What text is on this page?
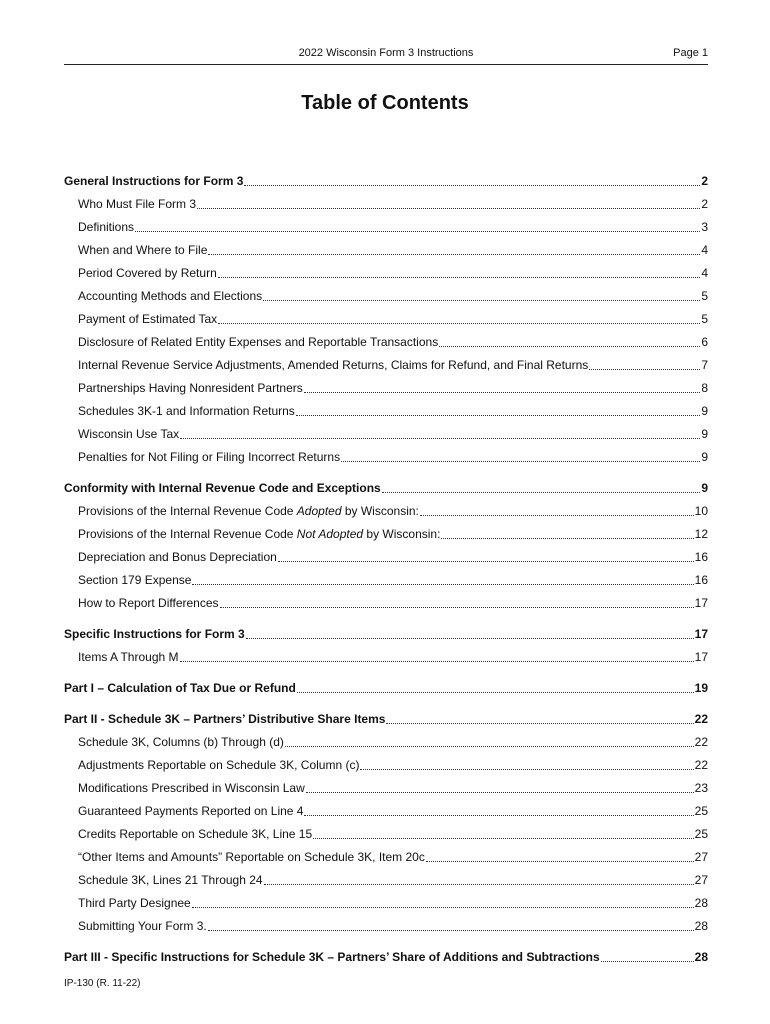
2022 Wisconsin Form 3 Instructions	Page 1
Table of Contents
General Instructions for Form 3	2
Who Must File Form 3	2
Definitions	3
When and Where to File	4
Period Covered by Return	4
Accounting Methods and Elections	5
Payment of Estimated Tax	5
Disclosure of Related Entity Expenses and Reportable Transactions	6
Internal Revenue Service Adjustments, Amended Returns, Claims for Refund, and Final Returns	7
Partnerships Having Nonresident Partners	8
Schedules 3K-1 and Information Returns	9
Wisconsin Use Tax	9
Penalties for Not Filing or Filing Incorrect Returns	9
Conformity with Internal Revenue Code and Exceptions	9
Provisions of the Internal Revenue Code Adopted by Wisconsin:	10
Provisions of the Internal Revenue Code Not Adopted by Wisconsin:	12
Depreciation and Bonus Depreciation	16
Section 179 Expense	16
How to Report Differences	17
Specific Instructions for Form 3	17
Items A Through M	17
Part I – Calculation of Tax Due or Refund	19
Part II - Schedule 3K – Partners’ Distributive Share Items	22
Schedule 3K, Columns (b) Through (d)	22
Adjustments Reportable on Schedule 3K, Column (c)	22
Modifications Prescribed in Wisconsin Law	23
Guaranteed Payments Reported on Line 4	25
Credits Reportable on Schedule 3K, Line 15	25
“Other Items and Amounts” Reportable on Schedule 3K, Item 20c	27
Schedule 3K, Lines 21 Through 24	27
Third Party Designee	28
Submitting Your Form 3.	28
Part III - Specific Instructions for Schedule 3K – Partners’ Share of Additions and Subtractions	28
IP-130 (R. 11-22)
